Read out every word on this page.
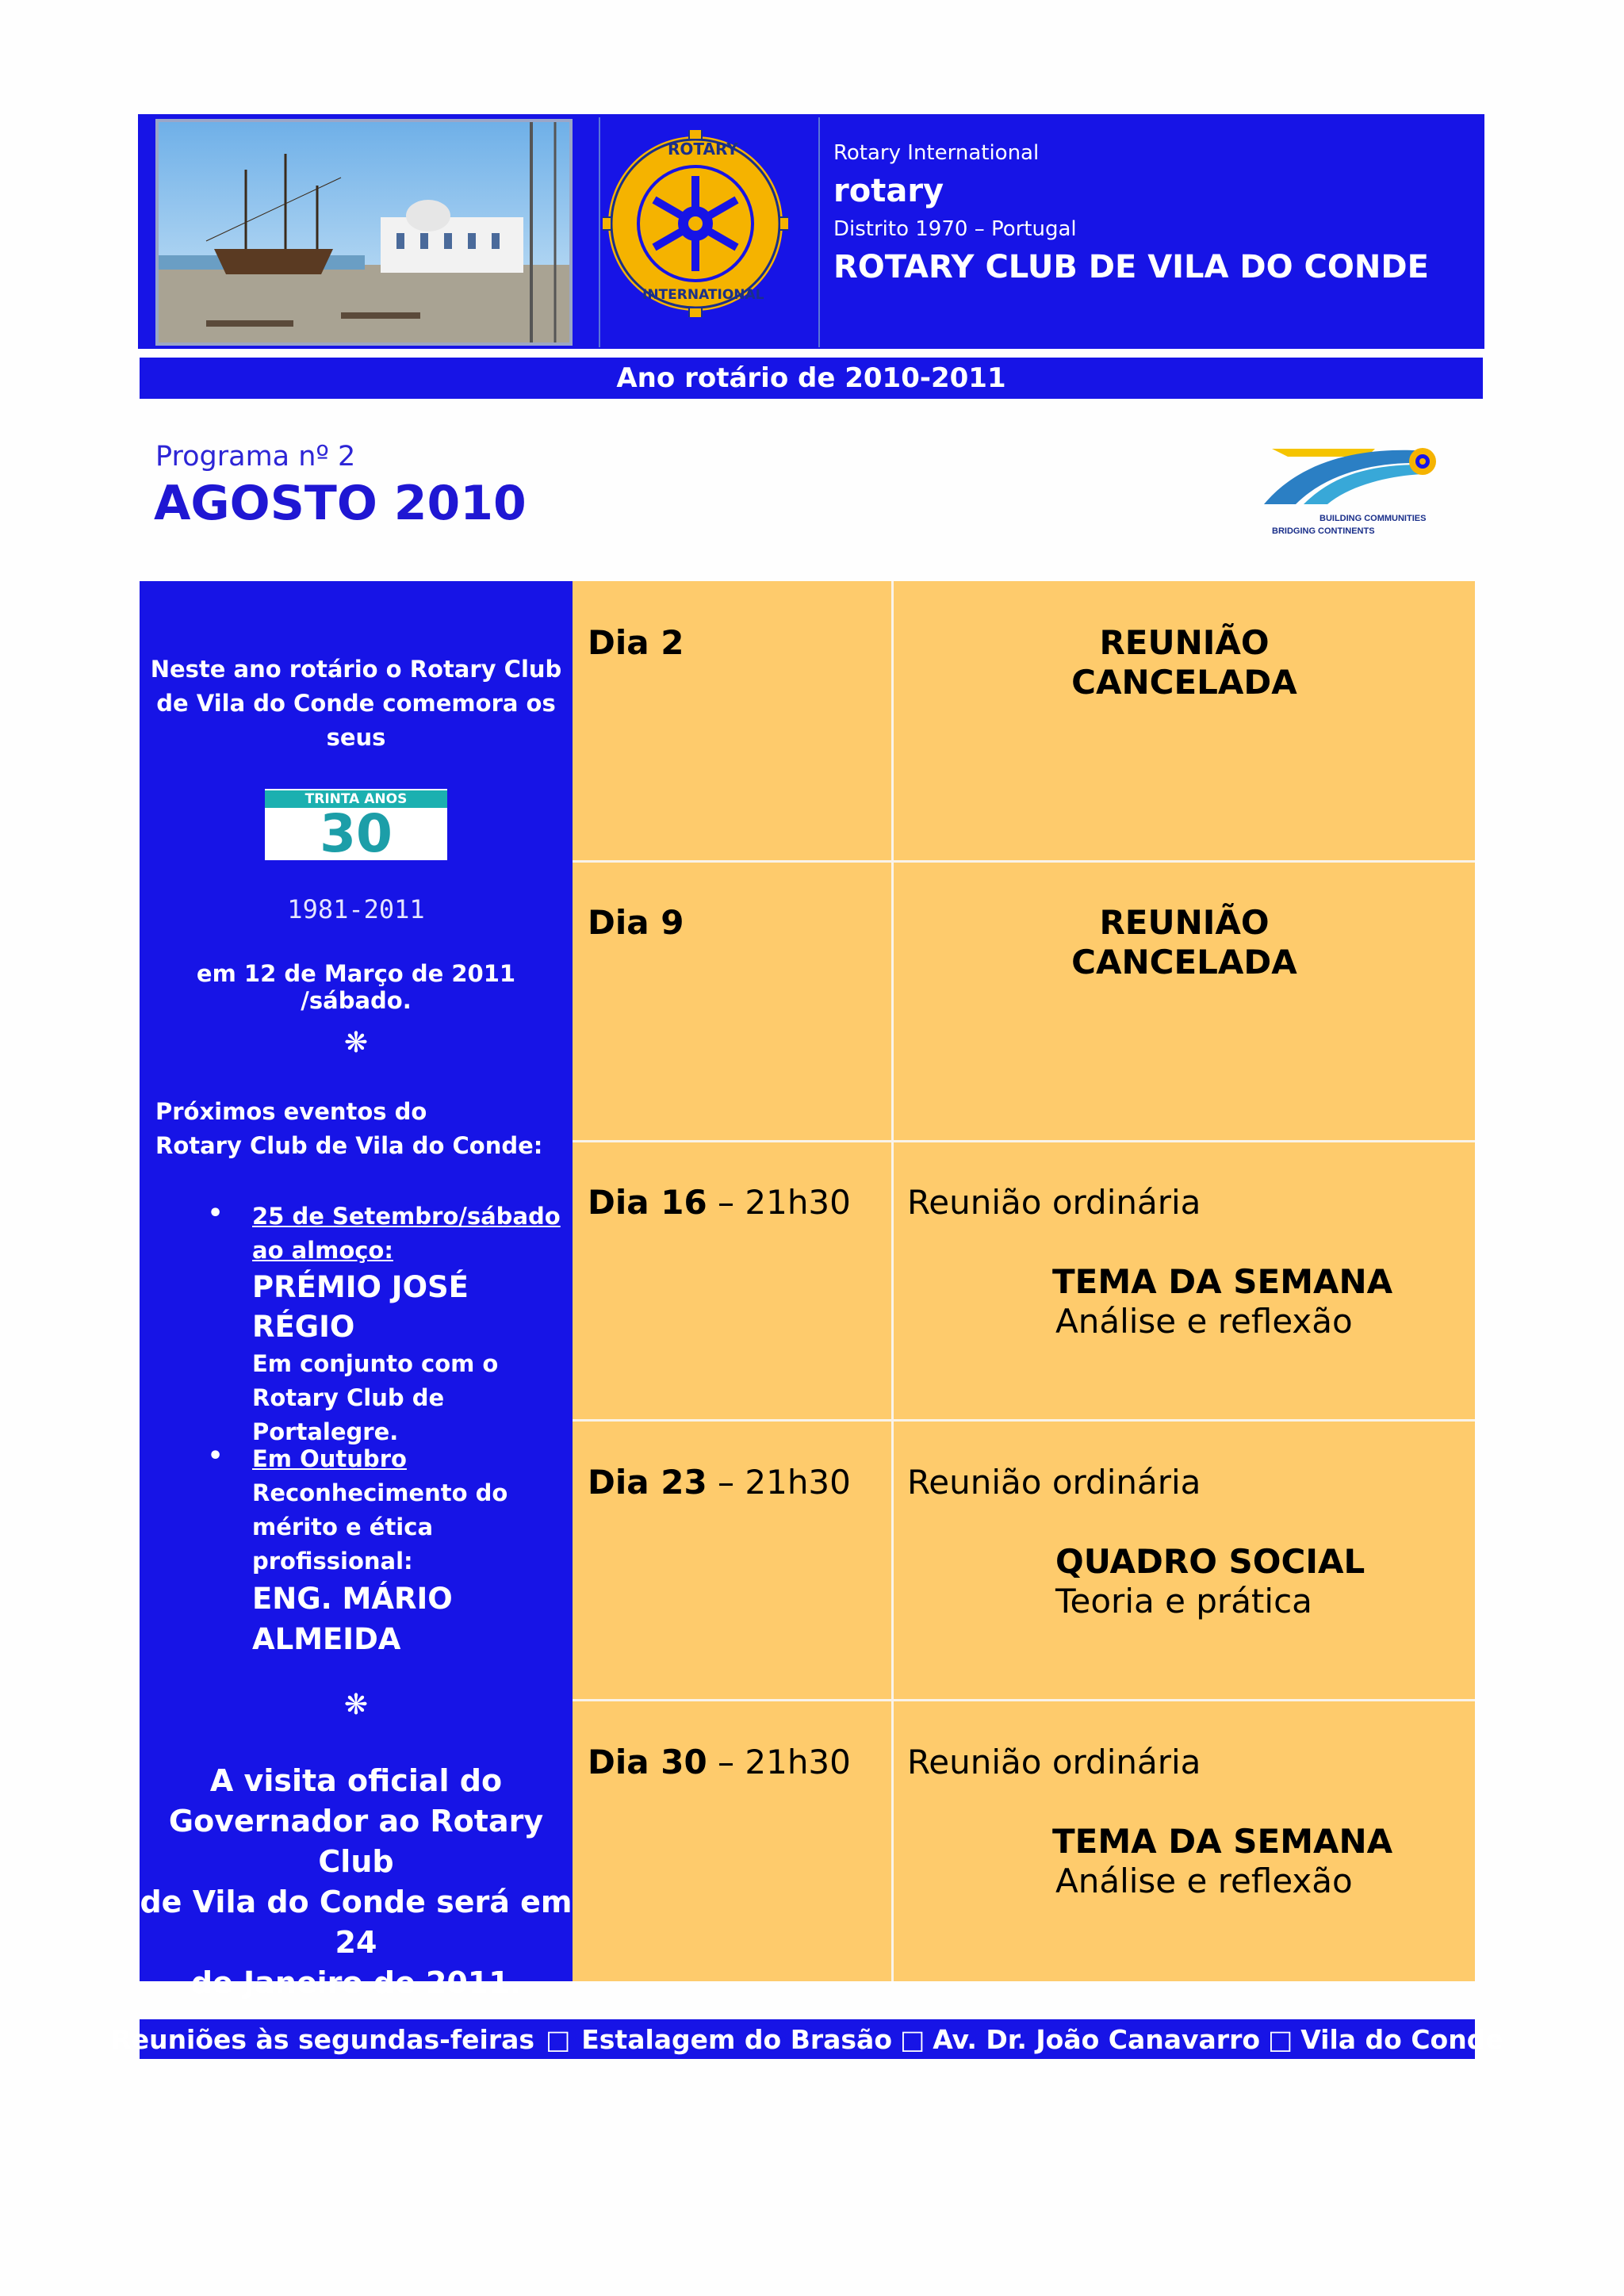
ROTARY
INTERNATIONAL
Rotary International
rotary
Distrito 1970 – Portugal
ROTARY CLUB DE VILA DO CONDE
Ano rotário de 2010-2011
Programa nº 2
AGOSTO 2010	BUILDING COMMUNITIES
BRIDGING CONTINENTS
Neste ano rotário o Rotary Club
de Vila do Conde comemora os
seus
TRINTA ANOS
30
1981-2011
em 12 de Março de 2011 /sábado.
❋
Próximos eventos do
Rotary Club de Vila do Conde:
• 25 de Setembro/sábado
ao almoço:
PRÉMIO JOSÉ RÉGIO
Em conjunto com o
Rotary Club de
Portalegre.
• Em Outubro
Reconhecimento do
mérito e ética
profissional:
ENG. MÁRIO
ALMEIDA
❋
A visita oficial do
Governador ao Rotary Club
de Vila do Conde será em 24
de Janeiro de 2011.
Dia 2	REUNIÃO
CANCELADA
Dia 9	REUNIÃO
CANCELADA
Dia 16 – 21h30 Reunião ordinária
TEMA DA SEMANA
Análise e reflexão
Dia 23 – 21h30 Reunião ordinária
QUADRO SOCIAL
Teoria e prática
Dia 30 – 21h30 Reunião ordinária
TEMA DA SEMANA
Análise e reflexão
Reuniões às segundas-feiras □ Estalagem do Brasão □ Av. Dr. João Canavarro □ Vila do Conde
